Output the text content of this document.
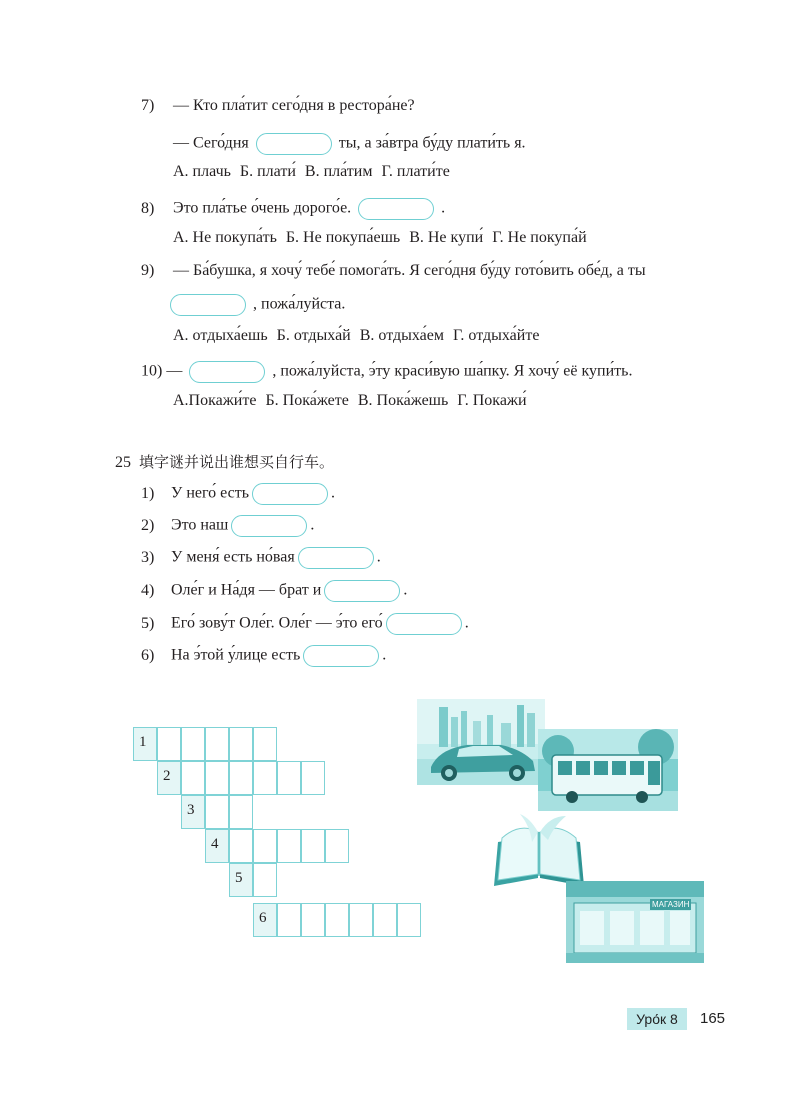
7) — Кто пла́тит сего́дня в рестора́не?
— Сего́дня	ты, а за́втра бу́ду плати́ть я.
А. плачь Б. плати́ В. пла́тим Г. плати́те
8) Это пла́тье о́чень дорого́е.	.
А. Не покупа́ть Б. Не покупа́ешь В. Не купи́ Г. Не покупа́й
9) — Ба́бушка, я хочу́ тебе́ помога́ть. Я сего́дня бу́ду гото́вить обе́д, а ты
, пожа́луйста.
А. отдыха́ешь Б. отдыха́й В. отдыха́ем Г. отдыха́йте
10) —	, пожа́луйста, э́ту краси́вую ша́пку. Я хочу́ её купи́ть.
А.Покажи́те Б. Пока́жете В. Пока́жешь Г. Покажи́
25 填字谜并说出谁想买自行车。
1) У него́ есть	.
2) Это наш	.
3) У меня́ есть но́вая	.
4) Оле́г и На́дя — брат и	.
5) Его́ зову́т Оле́г. Оле́г — э́то его́	.
6) На э́той у́лице есть	.
1
2
3
4
5
6
МАГАЗИН
Уро́к 8	165
